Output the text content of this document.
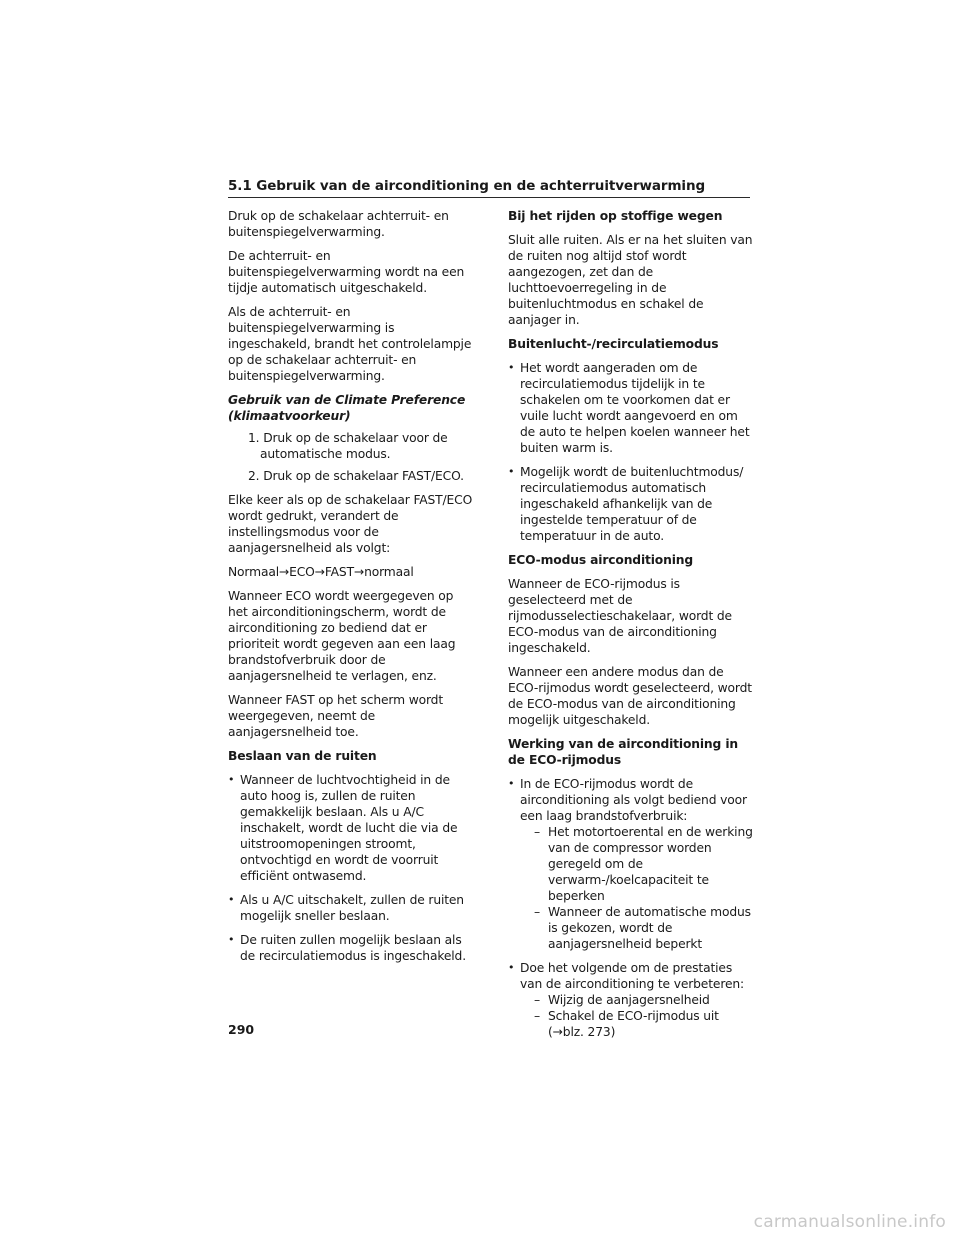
5.1 Gebruik van de airconditioning en de achterruitverwarming

Druk op de schakelaar achterruit- en buitenspiegelverwarming.

De achterruit- en buitenspiegelverwarming wordt na een tijdje automatisch uitgeschakeld.

Als de achterruit- en buitenspiegelverwarming is ingeschakeld, brandt het controlelampje op de schakelaar achterruit- en buitenspiegelverwarming.

Gebruik van de Climate Preference (klimaatvoorkeur)
1. Druk op de schakelaar voor de automatische modus.
2. Druk op de schakelaar FAST/ECO.

Elke keer als op de schakelaar FAST/ECO wordt gedrukt, verandert de instellingsmodus voor de aanjagersnelheid als volgt:

Normaal→ECO→FAST→normaal

Wanneer ECO wordt weergegeven op het airconditioningscherm, wordt de airconditioning zo bediend dat er prioriteit wordt gegeven aan een laag brandstofverbruik door de aanjagersnelheid te verlagen, enz.

Wanneer FAST op het scherm wordt weergegeven, neemt de aanjagersnelheid toe.

Beslaan van de ruiten
• Wanneer de luchtvochtigheid in de auto hoog is, zullen de ruiten gemakkelijk beslaan. Als u A/C inschakelt, wordt de lucht die via de uitstroomopeningen stroomt, ontvochtigd en wordt de voorruit efficiënt ontwasemd.
• Als u A/C uitschakelt, zullen de ruiten mogelijk sneller beslaan.
• De ruiten zullen mogelijk beslaan als de recirculatiemodus is ingeschakeld.
Bij het rijden op stoffige wegen

Sluit alle ruiten. Als er na het sluiten van de ruiten nog altijd stof wordt aangezogen, zet dan de luchttoevoerregeling in de buitenluchtmodus en schakel de aanjager in.

Buitenlucht-/recirculatiemodus
• Het wordt aangeraden om de recirculatiemodus tijdelijk in te schakelen om te voorkomen dat er vuile lucht wordt aangevoerd en om de auto te helpen koelen wanneer het buiten warm is.
• Mogelijk wordt de buitenluchtmodus/ recirculatiemodus automatisch ingeschakeld afhankelijk van de ingestelde temperatuur of de temperatuur in de auto.
ECO-modus airconditioning

Wanneer de ECO-rijmodus is geselecteerd met de rijmodusselectieschakelaar, wordt de ECO-modus van de airconditioning ingeschakeld.

Wanneer een andere modus dan de ECO-rijmodus wordt geselecteerd, wordt de ECO-modus van de airconditioning mogelijk uitgeschakeld.

Werking van de airconditioning in de ECO-rijmodus
• In de ECO-rijmodus wordt de airconditioning als volgt bediend voor een laag brandstofverbruik:
– Het motortoerental en de werking van de compressor worden geregeld om de verwarm-/koelcapaciteit te beperken
– Wanneer de automatische modus is gekozen, wordt de aanjagersnelheid beperkt
• Doe het volgende om de prestaties van de airconditioning te verbeteren:
– Wijzig de aanjagersnelheid
– Schakel de ECO-rijmodus uit (→blz. 273)
290
carmanualsonline.info
